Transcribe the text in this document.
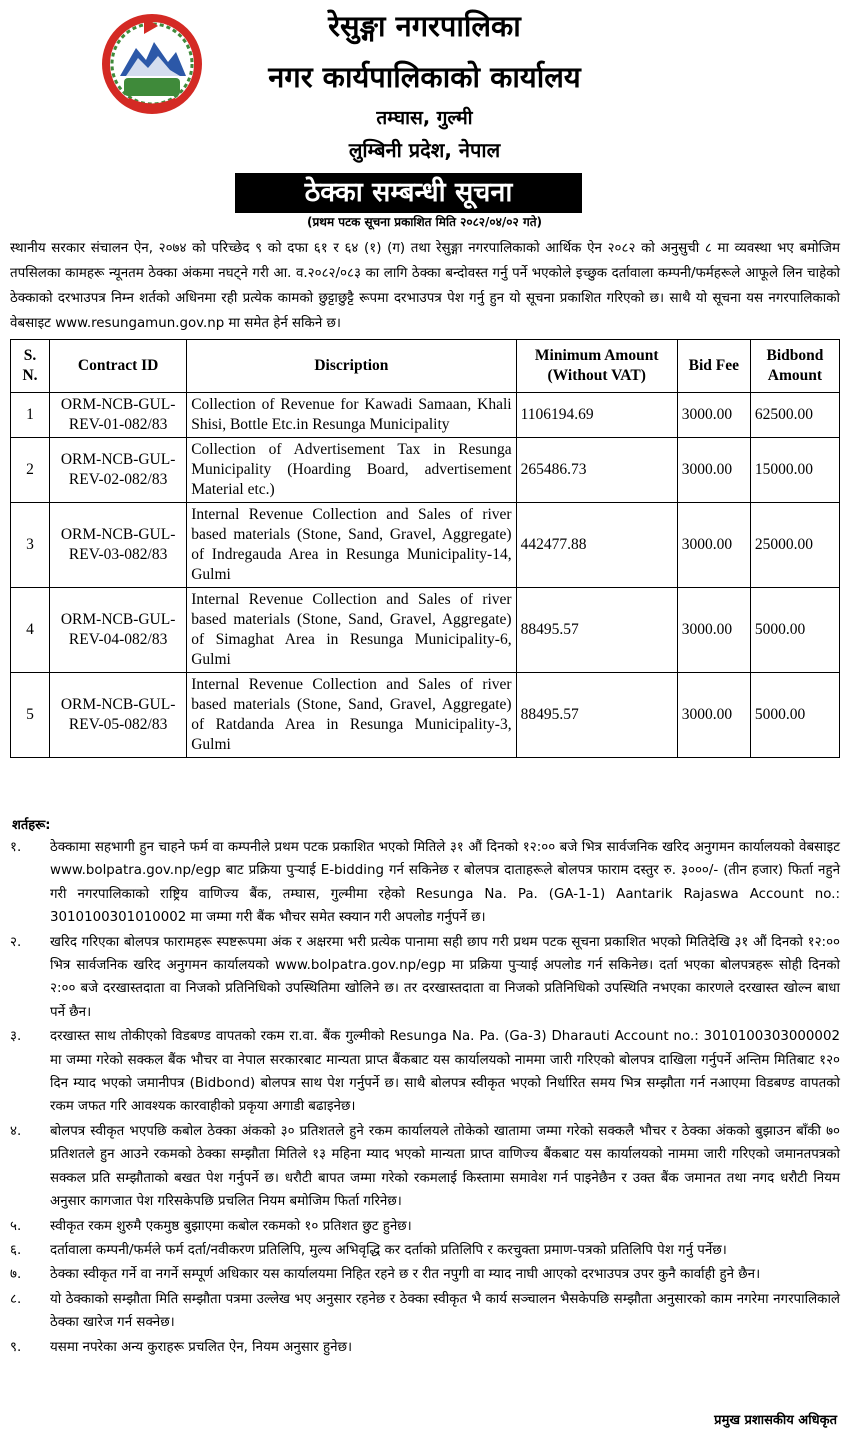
रेसुङ्गा नगरपालिका
नगर कार्यपालिकाको कार्यालय
तम्घास, गुल्मी
लुम्बिनी प्रदेश, नेपाल
ठेक्का सम्बन्धी सूचना
(प्रथम पटक सूचना प्रकाशित मिति २०८२/०४/०२ गते)
स्थानीय सरकार संचालन ऐन, २०७४ को परिच्छेद ९ को दफा ६१ र ६४ (१) (ग) तथा रेसुङ्गा नगरपालिकाको आर्थिक ऐन २०८२ को अनुसुची ८ मा व्यवस्था भए बमोजिम तपसिलका कामहरू न्यूनतम ठेक्का अंकमा नघट्ने गरी आ. व.२०८२/०८३ का लागि ठेक्का बन्दोवस्त गर्नु पर्ने भएकोले इच्छुक दर्तावाला कम्पनी/फर्महरूले आफूले लिन चाहेको ठेक्काको दरभाउपत्र निम्न शर्तको अधिनमा रही प्रत्येक कामको छुट्टाछुट्टै रूपमा दरभाउपत्र पेश गर्नु हुन यो सूचना प्रकाशित गरिएको छ। साथै यो सूचना यस नगरपालिकाको वेबसाइट www.resungamun.gov.np मा समेत हेर्न सकिने छ।
S. N.	Contract ID	Discription	Minimum Amount (Without VAT)	Bid Fee	Bidbond Amount
1	ORM-NCB-GUL-REV-01-082/83	Collection of Revenue for Kawadi Samaan, Khali Shisi, Bottle Etc.in Resunga Municipality	1106194.69	3000.00	62500.00
2	ORM-NCB-GUL-REV-02-082/83	Collection of Advertisement Tax in Resunga Municipality (Hoarding Board, advertisement Material etc.)	265486.73	3000.00	15000.00
3	ORM-NCB-GUL-REV-03-082/83	Internal Revenue Collection and Sales of river based materials (Stone, Sand, Gravel, Aggregate) of Indregauda Area in Resunga Municipality-14, Gulmi	442477.88	3000.00	25000.00
4	ORM-NCB-GUL-REV-04-082/83	Internal Revenue Collection and Sales of river based materials (Stone, Sand, Gravel, Aggregate) of Simaghat Area in Resunga Municipality-6, Gulmi	88495.57	3000.00	5000.00
5	ORM-NCB-GUL-REV-05-082/83	Internal Revenue Collection and Sales of river based materials (Stone, Sand, Gravel, Aggregate) of Ratdanda Area in Resunga Municipality-3, Gulmi	88495.57	3000.00	5000.00
शर्तहरू:
१.	ठेक्कामा सहभागी हुन चाहने फर्म वा कम्पनीले प्रथम पटक प्रकाशित भएको मितिले ३१ औं दिनको १२:०० बजे भित्र सार्वजनिक खरिद अनुगमन कार्यालयको वेबसाइट www.bolpatra.gov.np/egp बाट प्रक्रिया पुऱ्याई E-bidding गर्न सकिनेछ र बोलपत्र दाताहरूले बोलपत्र फाराम दस्तुर रु. ३०००/- (तीन हजार) फिर्ता नहुने गरी नगरपालिकाको राष्ट्रिय वाणिज्य बैंक, तम्घास, गुल्मीमा रहेको Resunga Na. Pa. (GA-1-1) Aantarik Rajaswa Account no.: 3010100301010002 मा जम्मा गरी बैंक भौचर समेत स्क्यान गरी अपलोड गर्नुपर्ने छ।
२.	खरिद गरिएका बोलपत्र फारामहरू स्पष्टरूपमा अंक र अक्षरमा भरी प्रत्येक पानामा सही छाप गरी प्रथम पटक सूचना प्रकाशित भएको मितिदेखि ३१ औं दिनको १२:०० भित्र सार्वजनिक खरिद अनुगमन कार्यालयको www.bolpatra.gov.np/egp मा प्रक्रिया पुऱ्याई अपलोड गर्न सकिनेछ। दर्ता भएका बोलपत्रहरू सोही दिनको २:०० बजे दरखास्तदाता वा निजको प्रतिनिधिको उपस्थितिमा खोलिने छ। तर दरखास्तदाता वा निजको प्रतिनिधिको उपस्थिति नभएका कारणले दरखास्त खोल्न बाधा पर्ने छैन।
३.	दरखास्त साथ तोकीएको विडबण्ड वापतको रकम रा.वा. बैंक गुल्मीको Resunga Na. Pa. (Ga-3) Dharauti Account no.: 3010100303000002 मा जम्मा गरेको सक्कल बैंक भौचर वा नेपाल सरकारबाट मान्यता प्राप्त बैंकबाट यस कार्यालयको नाममा जारी गरिएको बोलपत्र दाखिला गर्नुपर्ने अन्तिम मितिबाट १२० दिन म्याद भएको जमानीपत्र (Bidbond) बोलपत्र साथ पेश गर्नुपर्ने छ। साथै बोलपत्र स्वीकृत भएको निर्धारित समय भित्र सम्झौता गर्न नआएमा विडबण्ड वापतको रकम जफत गरि आवश्यक कारवाहीको प्रकृया अगाडी बढाइनेछ।
४.	बोलपत्र स्वीकृत भएपछि कबोल ठेक्का अंकको ३० प्रतिशतले हुने रकम कार्यालयले तोकेको खातामा जम्मा गरेको सक्कलै भौचर र ठेक्का अंकको बुझाउन बाँकी ७० प्रतिशतले हुन आउने रकमको ठेक्का सम्झौता मितिले १३ महिना म्याद भएको मान्यता प्राप्त वाणिज्य बैंकबाट यस कार्यालयको नाममा जारी गरिएको जमानतपत्रको सक्कल प्रति सम्झौताको बखत पेश गर्नुपर्ने छ। धरौटी बापत जम्मा गरेको रकमलाई किस्तामा समावेश गर्न पाइनेछैन र उक्त बैंक जमानत तथा नगद धरौटी नियम अनुसार कागजात पेश गरिसकेपछि प्रचलित नियम बमोजिम फिर्ता गरिनेछ।
५.	स्वीकृत रकम शुरुमै एकमुष्ठ बुझाएमा कबोल रकमको १० प्रतिशत छुट हुनेछ।
६.	दर्तावाला कम्पनी/फर्मले फर्म दर्ता/नवीकरण प्रतिलिपि, मुल्य अभिवृद्धि कर दर्ताको प्रतिलिपि र करचुक्ता प्रमाण-पत्रको प्रतिलिपि पेश गर्नु पर्नेछ।
७.	ठेक्का स्वीकृत गर्ने वा नगर्ने सम्पूर्ण अधिकार यस कार्यालयमा निहित रहने छ र रीत नपुगी वा म्याद नाघी आएको दरभाउपत्र उपर कुनै कार्वाही हुने छैन।
८.	यो ठेक्काको सम्झौता मिति सम्झौता पत्रमा उल्लेख भए अनुसार रहनेछ र ठेक्का स्वीकृत भै कार्य सञ्चालन भैसकेपछि सम्झौता अनुसारको काम नगरेमा नगरपालिकाले ठेक्का खारेज गर्न सक्नेछ।
९.	यसमा नपरेका अन्य कुराहरू प्रचलित ऐन, नियम अनुसार हुनेछ।
प्रमुख प्रशासकीय अधिकृत
